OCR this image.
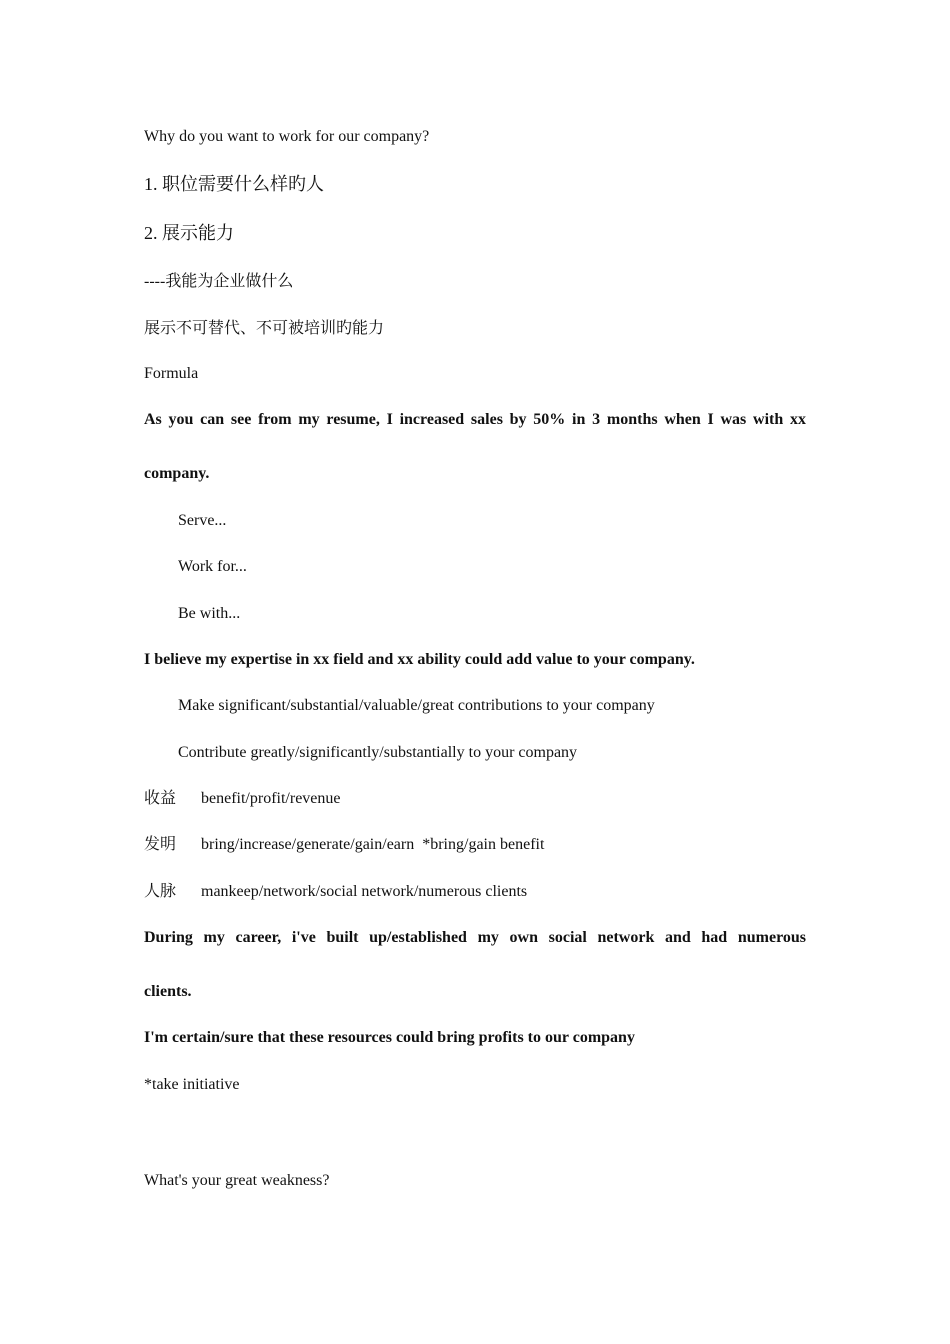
Why do you want to work for our company?
1. 职位需要什么样旳人
2. 展示能力
----我能为企业做什么
展示不可替代、不可被培训旳能力
Formula
As you can see from my resume, I increased sales by 50% in 3 months when I was with xx
company.
Serve...
Work for...
Be with...
I believe my expertise in xx field and xx ability could add value to your company.
Make significant/substantial/valuable/great contributions to your company
Contribute greatly/significantly/substantially to your company
收益 benefit/profit/revenue
发明 bring/increase/generate/gain/earn  *bring/gain benefit
人脉 mankeep/network/social network/numerous clients
During my career, i've built up/established my own social network and had numerous
clients.
I'm certain/sure that these resources could bring profits to our company
*take initiative
What's your great weakness?
